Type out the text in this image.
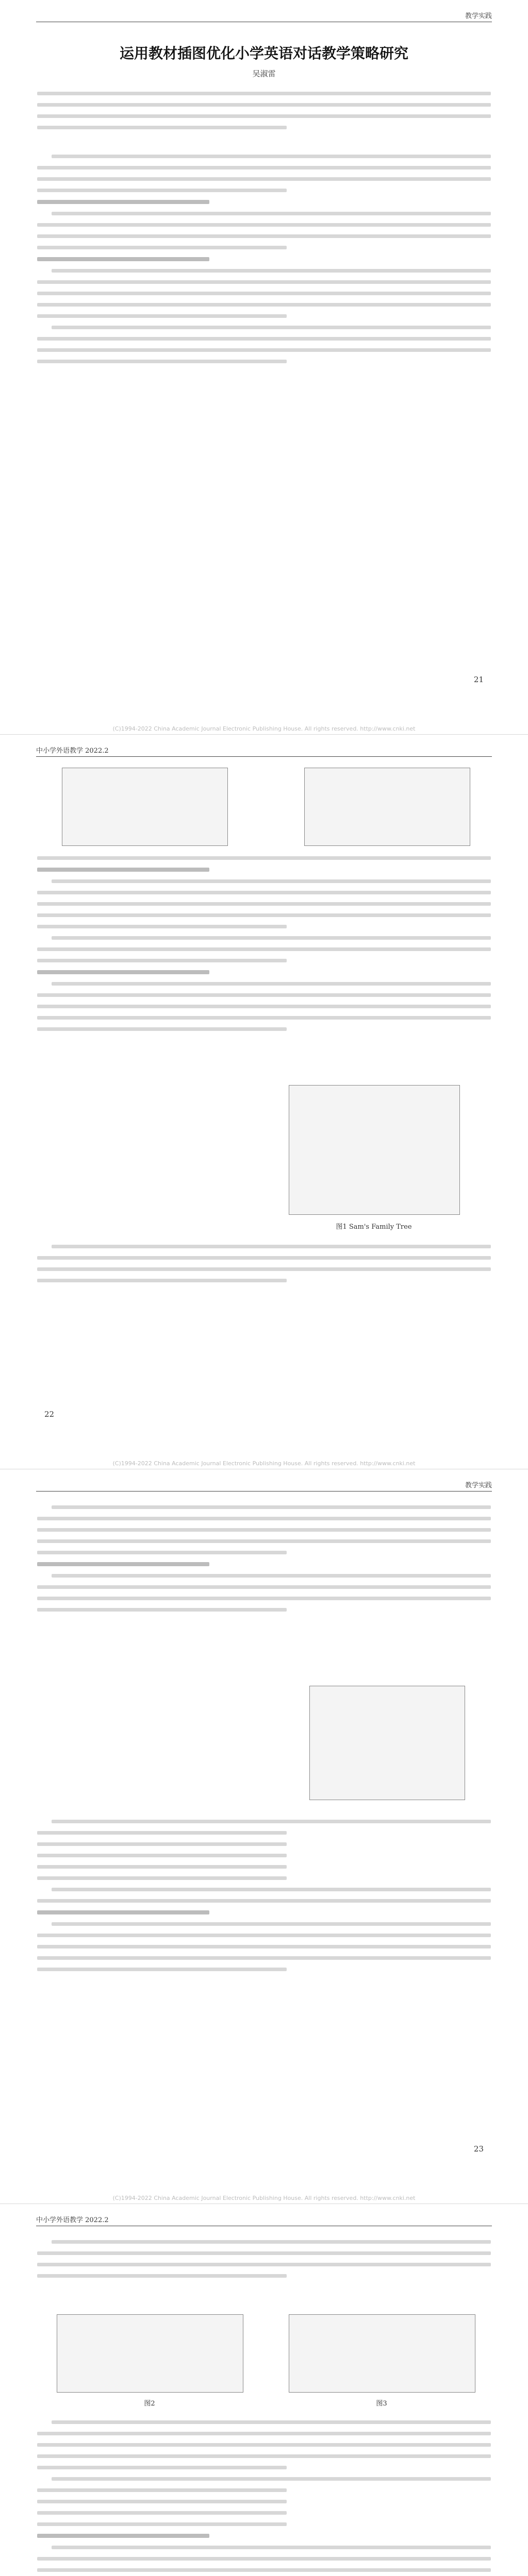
教学实践
运用教材插图优化小学英语对话教学策略研究
吴淑雷
21
(C)1994-2022 China Academic Journal Electronic Publishing House. All rights reserved. http://www.cnki.net
中小学外语教学 2022.2
图1 Sam's Family Tree
22
(C)1994-2022 China Academic Journal Electronic Publishing House. All rights reserved. http://www.cnki.net
教学实践
23
(C)1994-2022 China Academic Journal Electronic Publishing House. All rights reserved. http://www.cnki.net
中小学外语教学 2022.2
图2	图3
